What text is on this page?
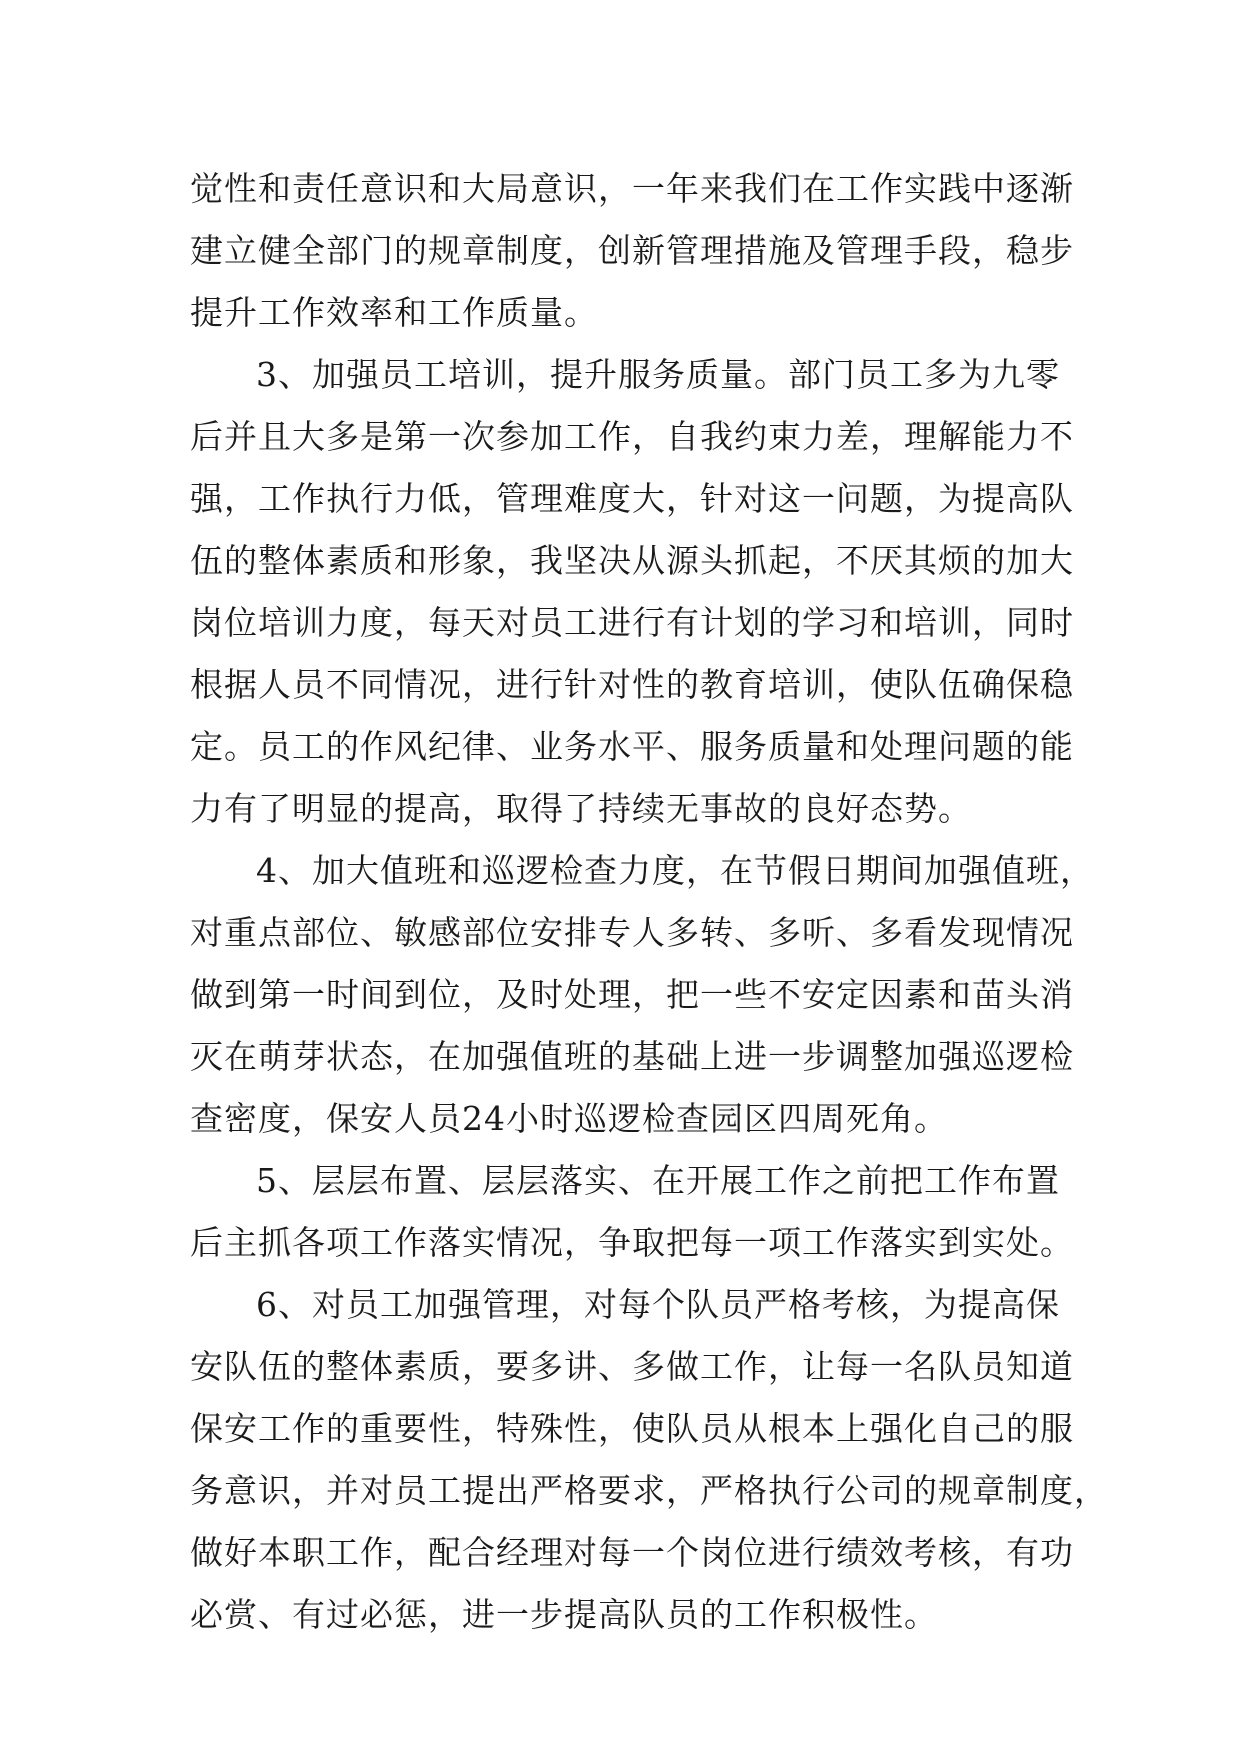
觉性和责任意识和大局意识，一年来我们在工作实践中逐渐
建立健全部门的规章制度，创新管理措施及管理手段，稳步
提升工作效率和工作质量。
3、加强员工培训，提升服务质量。部门员工多为九零
后并且大多是第一次参加工作，自我约束力差，理解能力不
强，工作执行力低，管理难度大，针对这一问题，为提高队
伍的整体素质和形象，我坚决从源头抓起，不厌其烦的加大
岗位培训力度，每天对员工进行有计划的学习和培训，同时
根据人员不同情况，进行针对性的教育培训，使队伍确保稳
定。员工的作风纪律、业务水平、服务质量和处理问题的能
力有了明显的提高，取得了持续无事故的良好态势。
4、加大值班和巡逻检查力度，在节假日期间加强值班，
对重点部位、敏感部位安排专人多转、多听、多看发现情况
做到第一时间到位，及时处理，把一些不安定因素和苗头消
灭在萌芽状态，在加强值班的基础上进一步调整加强巡逻检
查密度，保安人员24小时巡逻检查园区四周死角。
5、层层布置、层层落实、在开展工作之前把工作布置
后主抓各项工作落实情况，争取把每一项工作落实到实处。
6、对员工加强管理，对每个队员严格考核，为提高保
安队伍的整体素质，要多讲、多做工作，让每一名队员知道
保安工作的重要性，特殊性，使队员从根本上强化自己的服
务意识，并对员工提出严格要求，严格执行公司的规章制度，
做好本职工作，配合经理对每一个岗位进行绩效考核，有功
必赏、有过必惩，进一步提高队员的工作积极性。
